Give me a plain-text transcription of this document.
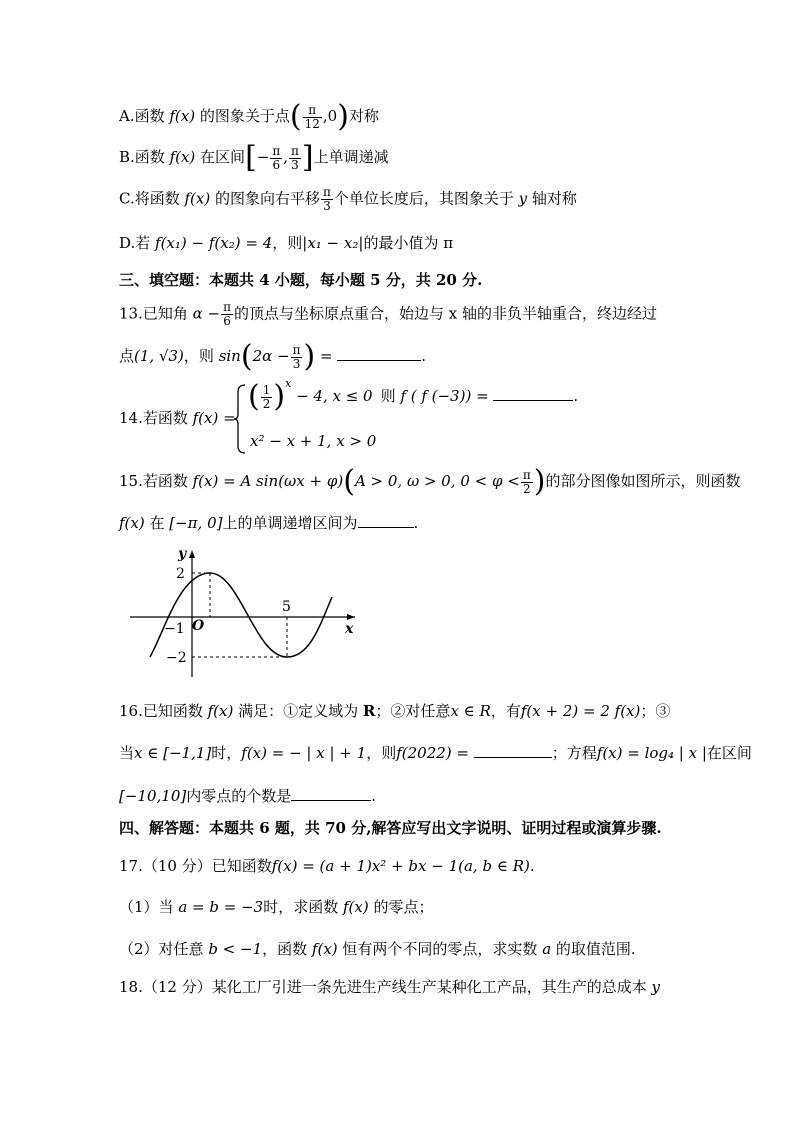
A.函数 f(x) 的图象关于点( $\frac{\pi}{12} ,0$)对称
B.函数 f(x) 在区间[− $\frac{\pi}{6}$ , $\frac{\pi}{3}$ ]上单调递减
C.将函数 f(x) 的图象向右平移 $\frac{\pi}{3}$ 个单位长度后，其图象关于 y 轴对称
D.若 f(x₁) − f(x₂) = 4，则|x₁ − x₂|的最小值为 π
三、填空题：本题共 4 小题，每小题 5 分，共 20 分.
13.已知角 $\alpha - \frac{\pi}{6}$ 的顶点与坐标原点重合，始边与 x 轴的非负半轴重合，终边经过
点(1, √3)，则 $\sin(2\alpha - \frac{\pi}{3}$ ) =	.
14.若函数 f(x) =
( $\frac{1}{2} )^x - 4$, x ≤ 0 则 f ( f (−3)) =	.
x² − x + 1, x > 0
15.若函数 f(x) = A sin(ωx + φ)(A > 0, ω > 0, $0 < \varphi < \frac{\pi}{2}$ )的部分图像如图所示，则函数
f(x) 在 [−π, 0]上的单调递增区间为	.
y
x
2
−2
−1 O
5
16.已知函数 f(x) 满足：①定义域为 R；②对任意x ∈ R，有f(x + 2) = 2 f(x)；③
当x ∈ [−1,1]时，f(x) = − | x | + 1，则f(2022) =	；方程f(x) = log₄ | x |在区间
[−10,10]内零点的个数是	.
四、解答题：本题共 6 题，共 70 分,解答应写出文字说明、证明过程或演算步骤.
17.（10 分）已知函数f(x) = (a + 1)x² + bx − 1(a, b ∈ R).
（1）当 a = b = −3时，求函数 f(x) 的零点；
（2）对任意 b < −1，函数 f(x) 恒有两个不同的零点，求实数 a 的取值范围.
18.（12 分）某化工厂引进一条先进生产线生产某种化工产品，其生产的总成本 y
